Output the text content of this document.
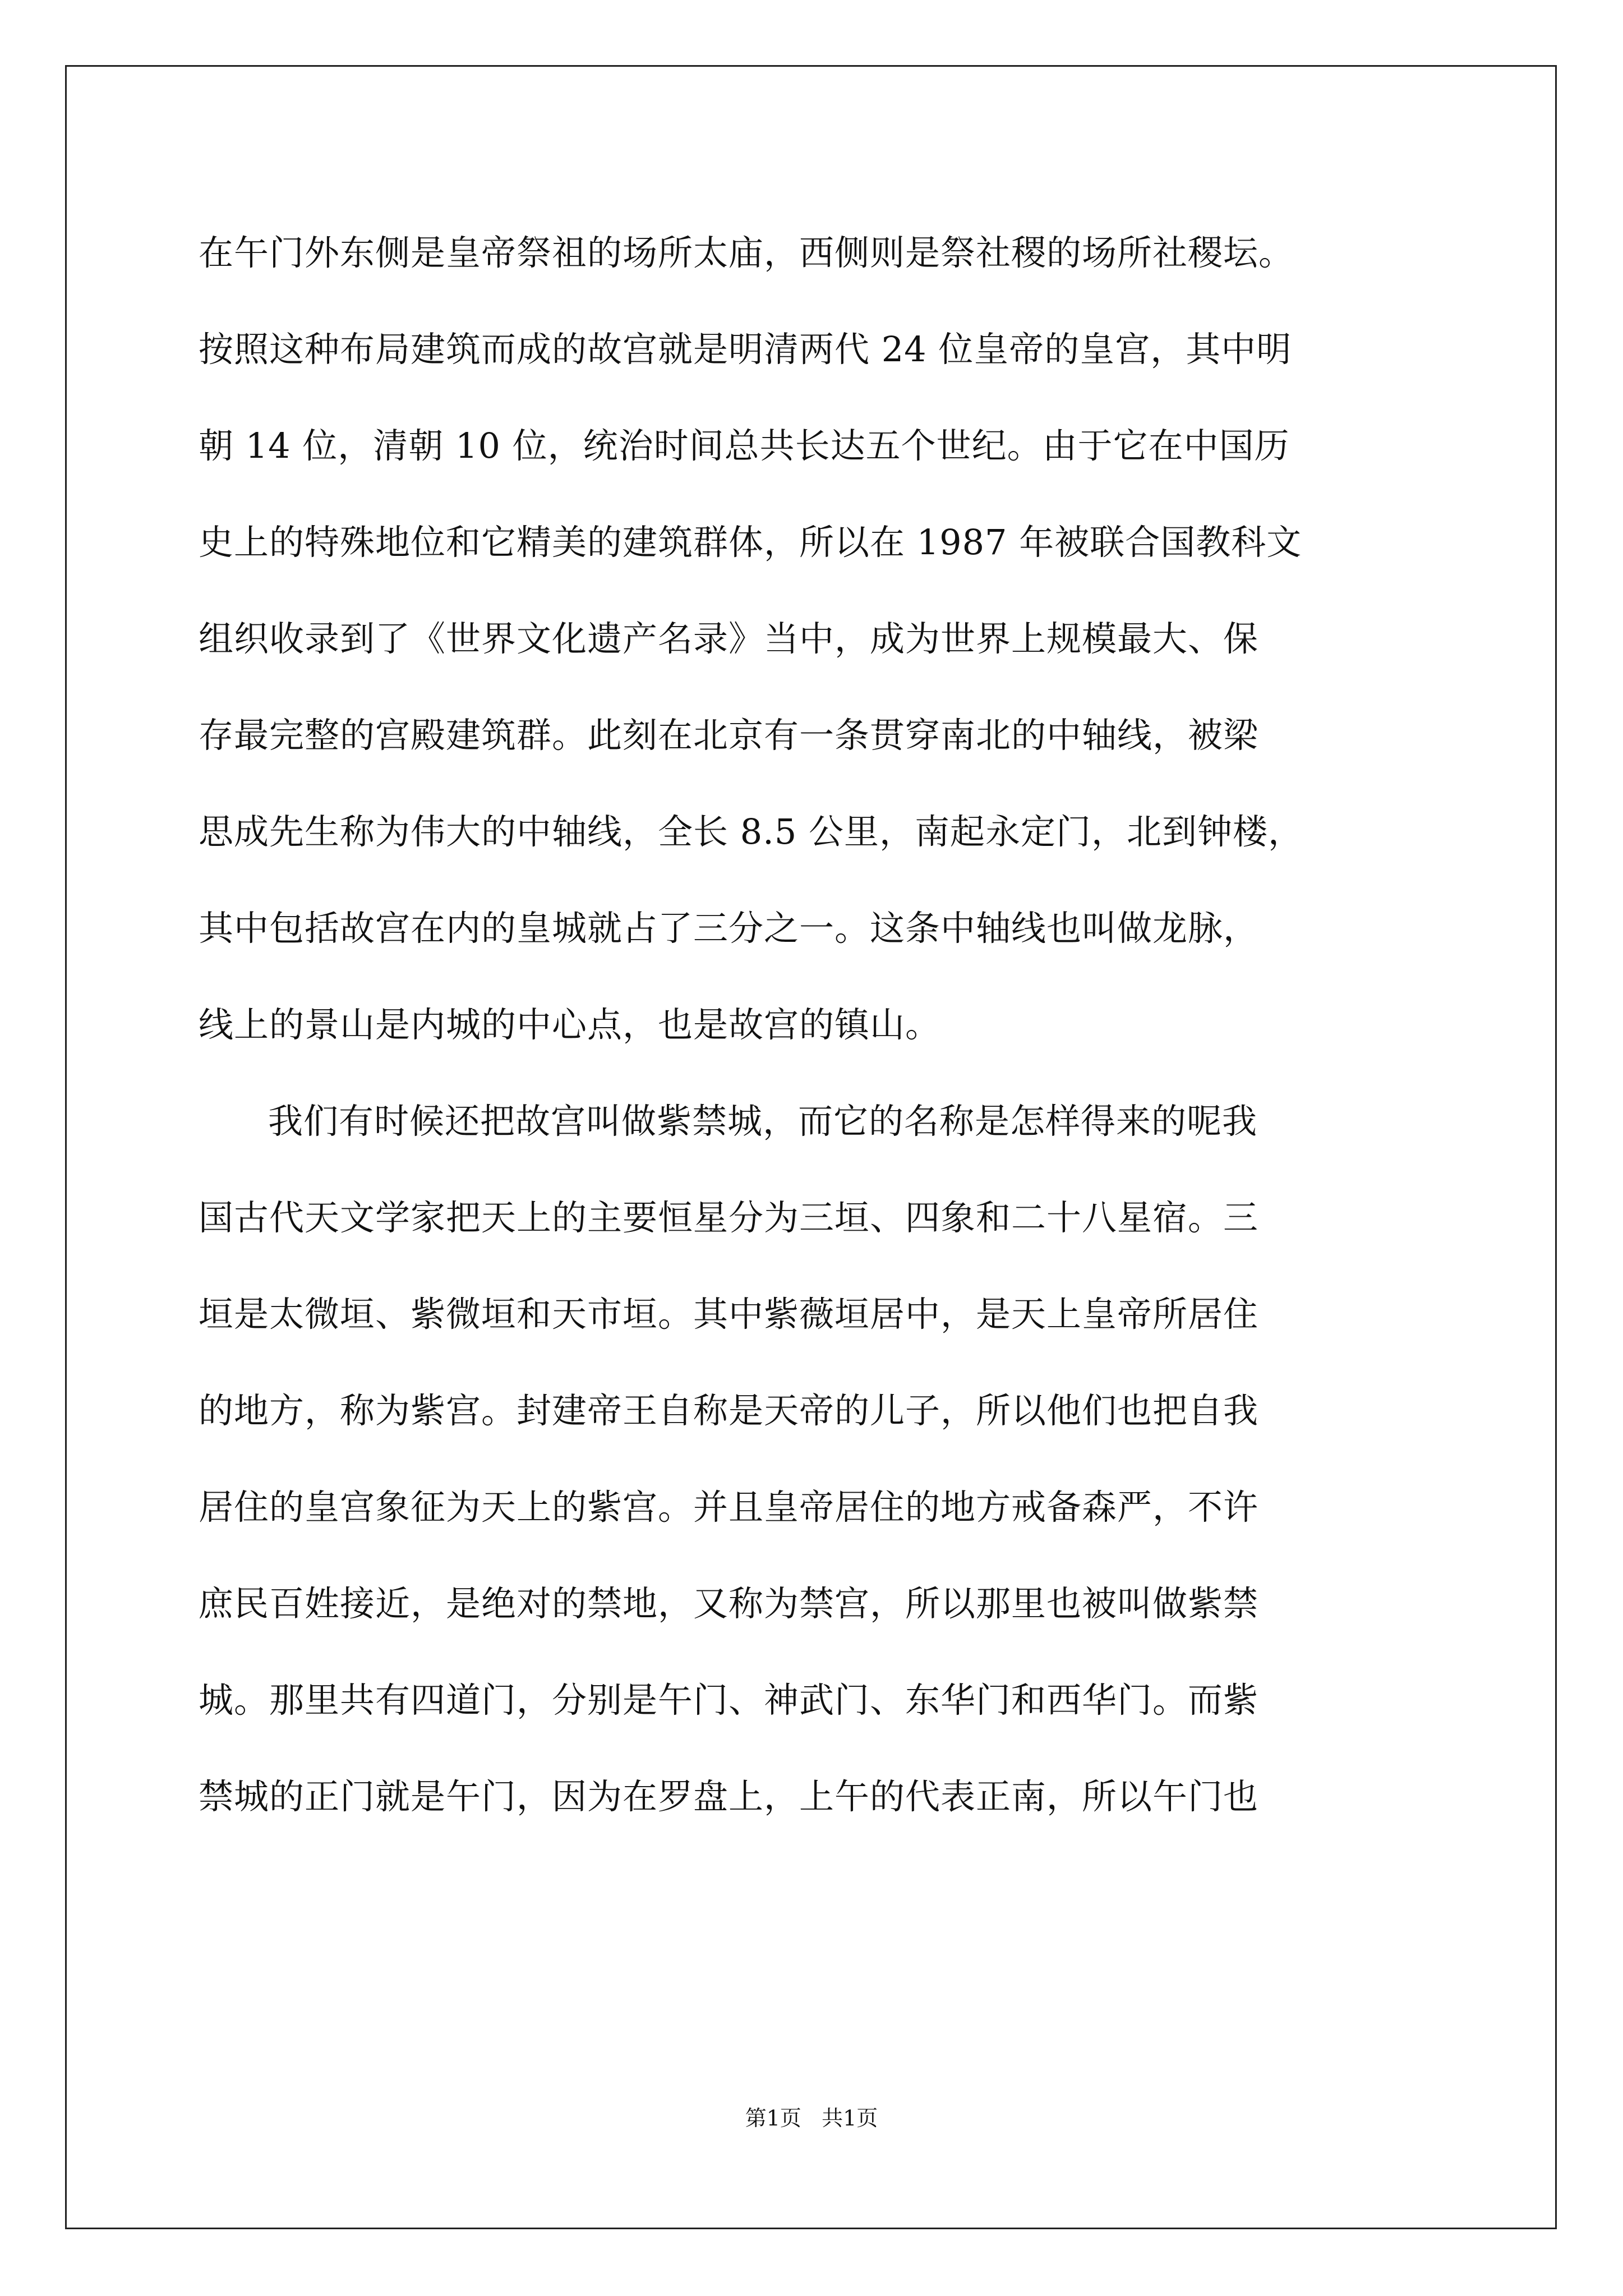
在午门外东侧是皇帝祭祖的场所太庙，西侧则是祭社稷的场所社稷坛。
按照这种布局建筑而成的故宫就是明清两代 24 位皇帝的皇宫，其中明
朝 14 位，清朝 10 位，统治时间总共长达五个世纪。由于它在中国历
史上的特殊地位和它精美的建筑群体，所以在 1987 年被联合国教科文
组织收录到了《世界文化遗产名录》当中，成为世界上规模最大、保
存最完整的宫殿建筑群。此刻在北京有一条贯穿南北的中轴线，被梁
思成先生称为伟大的中轴线，全长 8.5 公里，南起永定门，北到钟楼，
其中包括故宫在内的皇城就占了三分之一。这条中轴线也叫做龙脉，
线上的景山是内城的中心点，也是故宫的镇山。
我们有时候还把故宫叫做紫禁城，而它的名称是怎样得来的呢我
国古代天文学家把天上的主要恒星分为三垣、四象和二十八星宿。三
垣是太微垣、紫微垣和天市垣。其中紫薇垣居中，是天上皇帝所居住
的地方，称为紫宫。封建帝王自称是天帝的儿子，所以他们也把自我
居住的皇宫象征为天上的紫宫。并且皇帝居住的地方戒备森严，不许
庶民百姓接近，是绝对的禁地，又称为禁宫，所以那里也被叫做紫禁
城。那里共有四道门，分别是午门、神武门、东华门和西华门。而紫
禁城的正门就是午门，因为在罗盘上，上午的代表正南，所以午门也
第1页   共1页
